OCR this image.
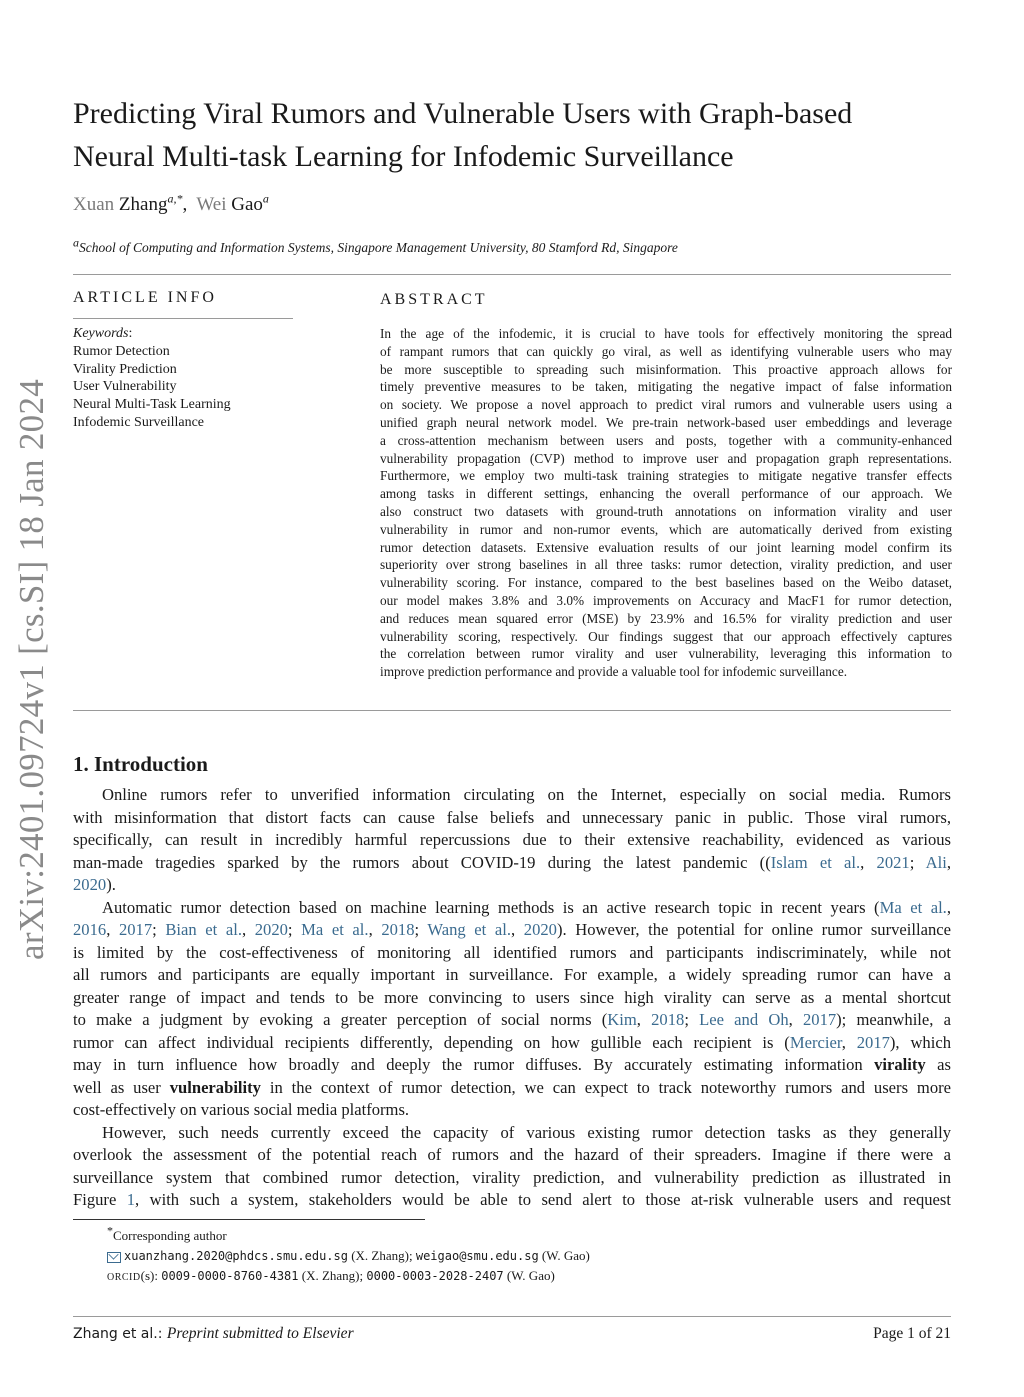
Predicting Viral Rumors and Vulnerable Users with Graph-based
Neural Multi-task Learning for Infodemic Surveillance
Xuan Zhang$^{a,*}$,  Wei Gao$^a$
$^a$School of Computing and Information Systems, Singapore Management University, 80 Stamford Rd, Singapore
ARTICLE INFO
Keywords:
Rumor Detection
Virality Prediction
User Vulnerability
Neural Multi-Task Learning
Infodemic Surveillance
ABSTRACT
In the age of the infodemic, it is crucial to have tools for effectively monitoring the spread
of rampant rumors that can quickly go viral, as well as identifying vulnerable users who may
be more susceptible to spreading such misinformation. This proactive approach allows for
timely preventive measures to be taken, mitigating the negative impact of false information
on society. We propose a novel approach to predict viral rumors and vulnerable users using a
unified graph neural network model. We pre-train network-based user embeddings and leverage
a cross-attention mechanism between users and posts, together with a community-enhanced
vulnerability propagation (CVP) method to improve user and propagation graph representations.
Furthermore, we employ two multi-task training strategies to mitigate negative transfer effects
among tasks in different settings, enhancing the overall performance of our approach. We
also construct two datasets with ground-truth annotations on information virality and user
vulnerability in rumor and non-rumor events, which are automatically derived from existing
rumor detection datasets. Extensive evaluation results of our joint learning model confirm its
superiority over strong baselines in all three tasks: rumor detection, virality prediction, and user
vulnerability scoring. For instance, compared to the best baselines based on the Weibo dataset,
our model makes 3.8% and 3.0% improvements on Accuracy and MacF1 for rumor detection,
and reduces mean squared error (MSE) by 23.9% and 16.5% for virality prediction and user
vulnerability scoring, respectively. Our findings suggest that our approach effectively captures
the correlation between rumor virality and user vulnerability, leveraging this information to
improve prediction performance and provide a valuable tool for infodemic surveillance.
arXiv:2401.09724v1 [cs.SI] 18 Jan 2024 1. Introduction
Online rumors refer to unverified information circulating on the Internet, especially on social media. Rumors
with misinformation that distort facts can cause false beliefs and unnecessary panic in public. Those viral rumors,
specifically, can result in incredibly harmful repercussions due to their extensive reachability, evidenced as various
man-made tragedies sparked by the rumors about COVID-19 during the latest pandemic ((Islam et al., 2021; Ali,
2020).
Automatic rumor detection based on machine learning methods is an active research topic in recent years (Ma et al.,
2016, 2017; Bian et al., 2020; Ma et al., 2018; Wang et al., 2020). However, the potential for online rumor surveillance
is limited by the cost-effectiveness of monitoring all identified rumors and participants indiscriminately, while not
all rumors and participants are equally important in surveillance. For example, a widely spreading rumor can have a
greater range of impact and tends to be more convincing to users since high virality can serve as a mental shortcut
to make a judgment by evoking a greater perception of social norms (Kim, 2018; Lee and Oh, 2017); meanwhile, a
rumor can affect individual recipients differently, depending on how gullible each recipient is (Mercier, 2017), which
may in turn influence how broadly and deeply the rumor diffuses. By accurately estimating information virality as
well as user vulnerability in the context of rumor detection, we can expect to track noteworthy rumors and users more
cost-effectively on various social media platforms.
However, such needs currently exceed the capacity of various existing rumor detection tasks as they generally
overlook the assessment of the potential reach of rumors and the hazard of their spreaders. Imagine if there were a
surveillance system that combined rumor detection, virality prediction, and vulnerability prediction as illustrated in
Figure 1, with such a system, stakeholders would be able to send alert to those at-risk vulnerable users and request
*Corresponding author
xuanzhang.2020@phdcs.smu.edu.sg (X. Zhang); weigao@smu.edu.sg (W. Gao)
ORCID(s): 0009-0000-8760-4381 (X. Zhang); 0000-0003-2028-2407 (W. Gao)
Zhang et al.: Preprint submitted to Elsevier	Page 1 of 21
